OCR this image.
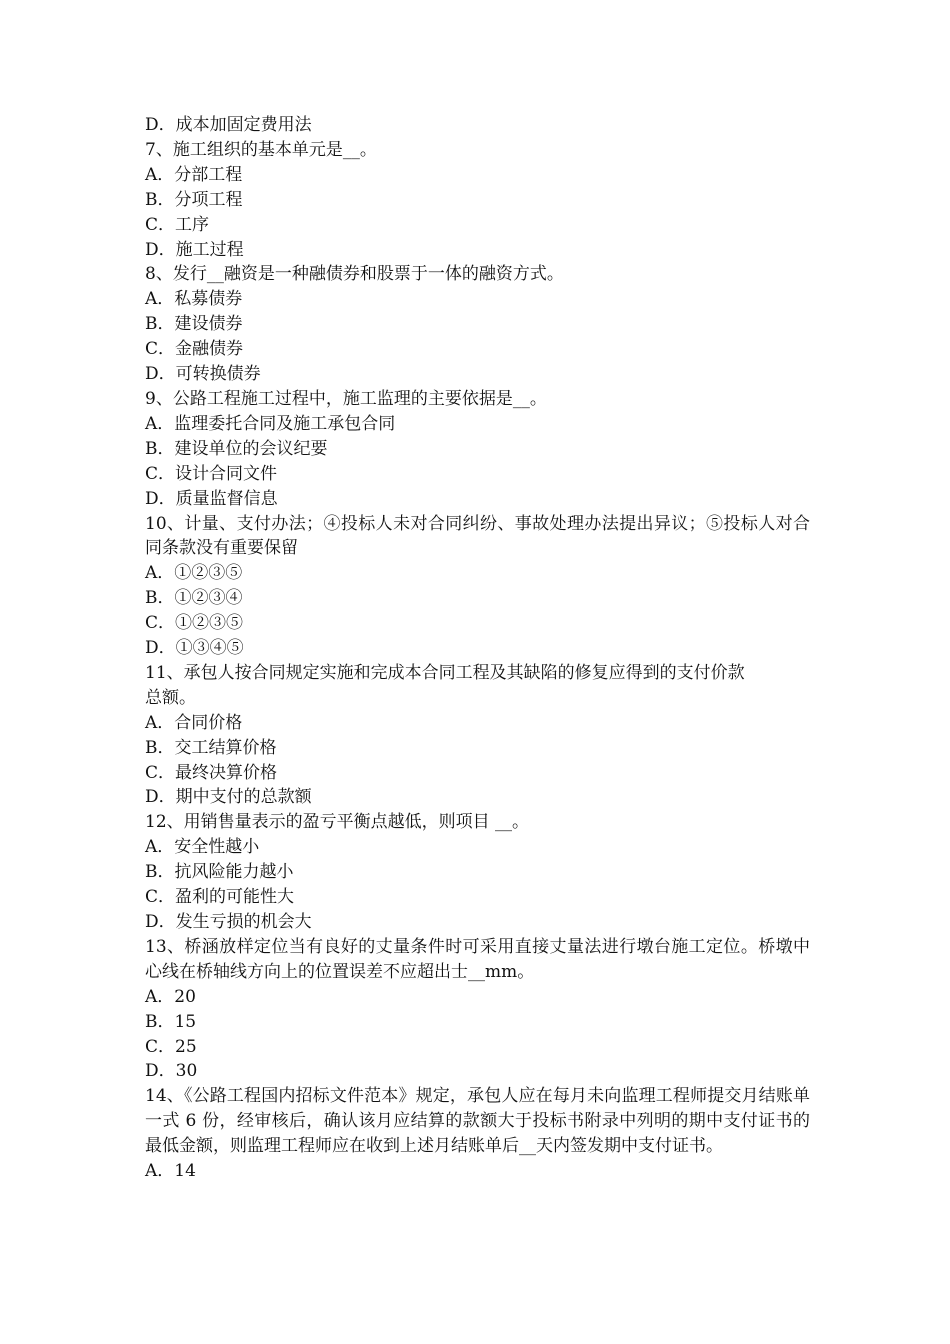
D．成本加固定费用法
7、施工组织的基本单元是__。
A．分部工程
B．分项工程
C．工序
D．施工过程
8、发行__融资是一种融债券和股票于一体的融资方式。
A．私募债券
B．建设债券
C．金融债券
D．可转换债券
9、公路工程施工过程中，施工监理的主要依据是__。
A．监理委托合同及施工承包合同
B．建设单位的会议纪要
C．设计合同文件
D．质量监督信息
10、计量、支付办法；④投标人未对合同纠纷、事故处理办法提出异议；⑤投标人对合同条款没有重要保留
A．①②③⑤
B．①②③④
C．①②③⑤
D．①③④⑤
11、承包人按合同规定实施和完成本合同工程及其缺陷的修复应得到的支付价款
总额。
A．合同价格
B．交工结算价格
C．最终决算价格
D．期中支付的总款额
12、用销售量表示的盈亏平衡点越低，则项目 __。
A．安全性越小
B．抗风险能力越小
C．盈利的可能性大
D．发生亏损的机会大
13、桥涵放样定位当有良好的丈量条件时可采用直接丈量法进行墩台施工定位。桥墩中心线在桥轴线方向上的位置误差不应超出士__mm。
A．20
B．15
C．25
D．30
14、《公路工程国内招标文件范本》规定，承包人应在每月未向监理工程师提交月结账单一式 6 份，经审核后，确认该月应结算的款额大于投标书附录中列明的期中支付证书的最低金额，则监理工程师应在收到上述月结账单后__天内签发期中支付证书。
A．14
